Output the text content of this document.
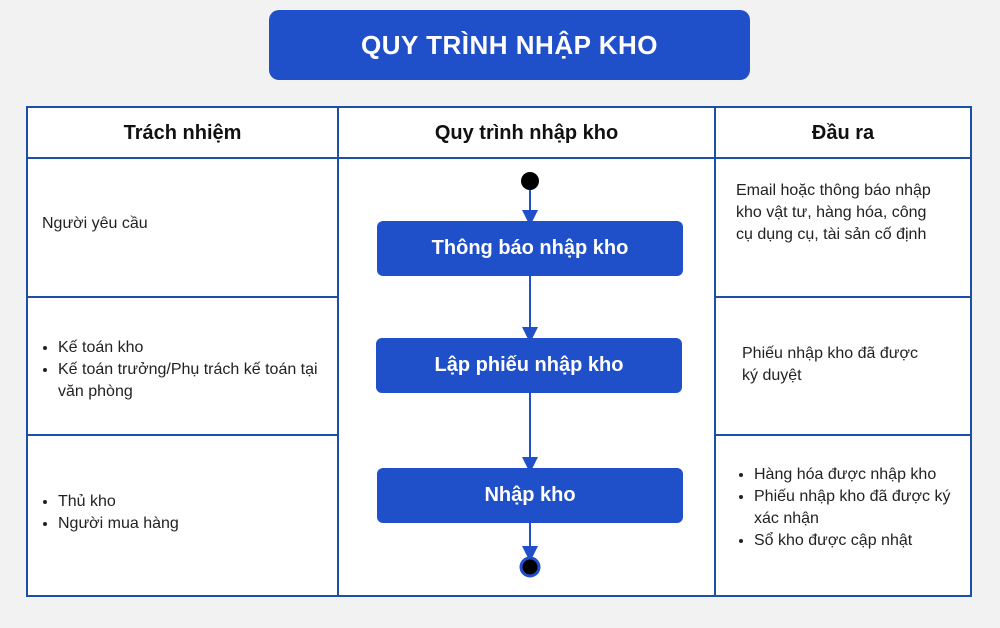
QUY TRÌNH NHẬP KHO
Trách nhiệm	Quy trình nhập kho	Đầu ra
Người yêu cầu
• Kế toán kho
• Kế toán trưởng/Phụ trách kế toán tại văn phòng
• Thủ kho
• Người mua hàng
Email hoặc thông báo nhập kho vật tư, hàng hóa, công cụ dụng cụ, tài sản cố định
Phiếu nhập kho đã được ký duyệt
• Hàng hóa được nhập kho
• Phiếu nhập kho đã được ký xác nhận
• Sổ kho được cập nhật
Thông báo nhập kho
Lập phiếu nhập kho
Nhập kho
